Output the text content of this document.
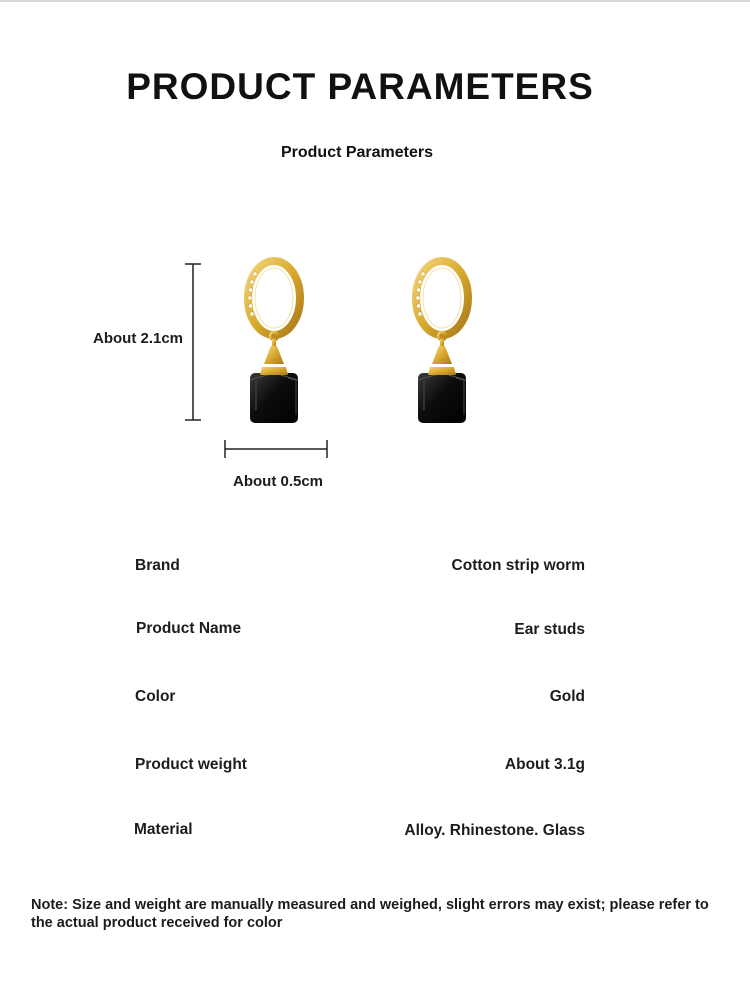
PRODUCT PARAMETERS
Product Parameters
About 2.1cm
About 0.5cm
Brand	Cotton strip worm
Product Name	Ear studs
Color	Gold
Product weight	About 3.1g
Material	Alloy. Rhinestone. Glass
Note: Size and weight are manually measured and weighed, slight errors may exist; please refer to the actual product received for color
